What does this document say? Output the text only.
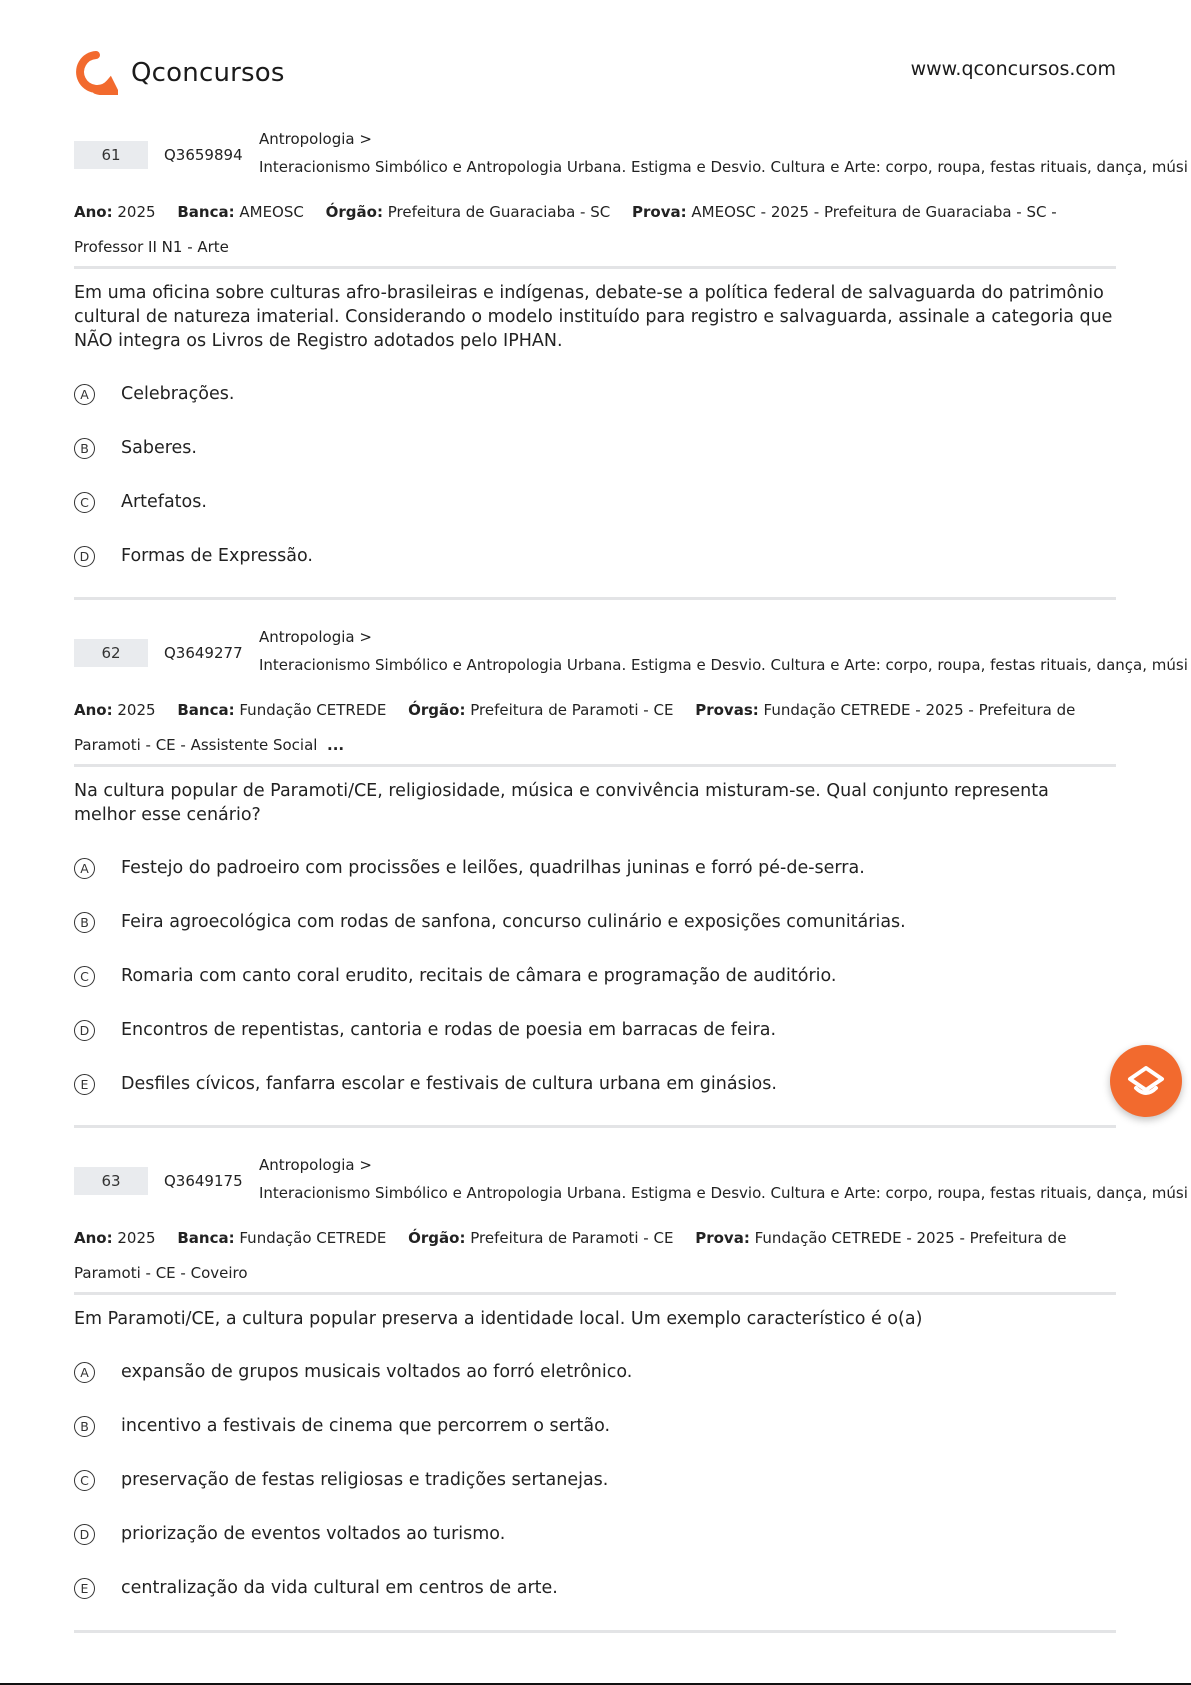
Qconcursos	www.qconcursos.com
61	Q3659894
Antropologia >
Interacionismo Simbólico e Antropologia Urbana. Estigma e Desvio. Cultura e Arte: corpo, roupa, festas rituais, dança, músi
Ano: 2025 Banca: AMEOSC Órgão: Prefeitura de Guaraciaba - SC Prova: AMEOSC - 2025 - Prefeitura de Guaraciaba - SC - Professor II N1 - Arte
Em uma oficina sobre culturas afro-brasileiras e indígenas, debate-se a política federal de salvaguarda do patrimônio cultural de natureza imaterial. Considerando o modelo instituído para registro e salvaguarda, assinale a categoria que NÃO integra os Livros de Registro adotados pelo IPHAN.
A	Celebrações.
B	Saberes.
C	Artefatos.
D	Formas de Expressão.
62	Q3649277
Antropologia >
Interacionismo Simbólico e Antropologia Urbana. Estigma e Desvio. Cultura e Arte: corpo, roupa, festas rituais, dança, músi
Ano: 2025 Banca: Fundação CETREDE Órgão: Prefeitura de Paramoti - CE Provas: Fundação CETREDE - 2025 - Prefeitura de Paramoti - CE - Assistente Social ...
Na cultura popular de Paramoti/CE, religiosidade, música e convivência misturam-se. Qual conjunto representa melhor esse cenário?
A	Festejo do padroeiro com procissões e leilões, quadrilhas juninas e forró pé-de-serra.
B	Feira agroecológica com rodas de sanfona, concurso culinário e exposições comunitárias.
C	Romaria com canto coral erudito, recitais de câmara e programação de auditório.
D	Encontros de repentistas, cantoria e rodas de poesia em barracas de feira.
E	Desfiles cívicos, fanfarra escolar e festivais de cultura urbana em ginásios.
63	Q3649175
Antropologia >
Interacionismo Simbólico e Antropologia Urbana. Estigma e Desvio. Cultura e Arte: corpo, roupa, festas rituais, dança, músi
Ano: 2025 Banca: Fundação CETREDE Órgão: Prefeitura de Paramoti - CE Prova: Fundação CETREDE - 2025 - Prefeitura de Paramoti - CE - Coveiro
Em Paramoti/CE, a cultura popular preserva a identidade local. Um exemplo característico é o(a)
A	expansão de grupos musicais voltados ao forró eletrônico.
B	incentivo a festivais de cinema que percorrem o sertão.
C	preservação de festas religiosas e tradições sertanejas.
D	priorização de eventos voltados ao turismo.
E	centralização da vida cultural em centros de arte.
